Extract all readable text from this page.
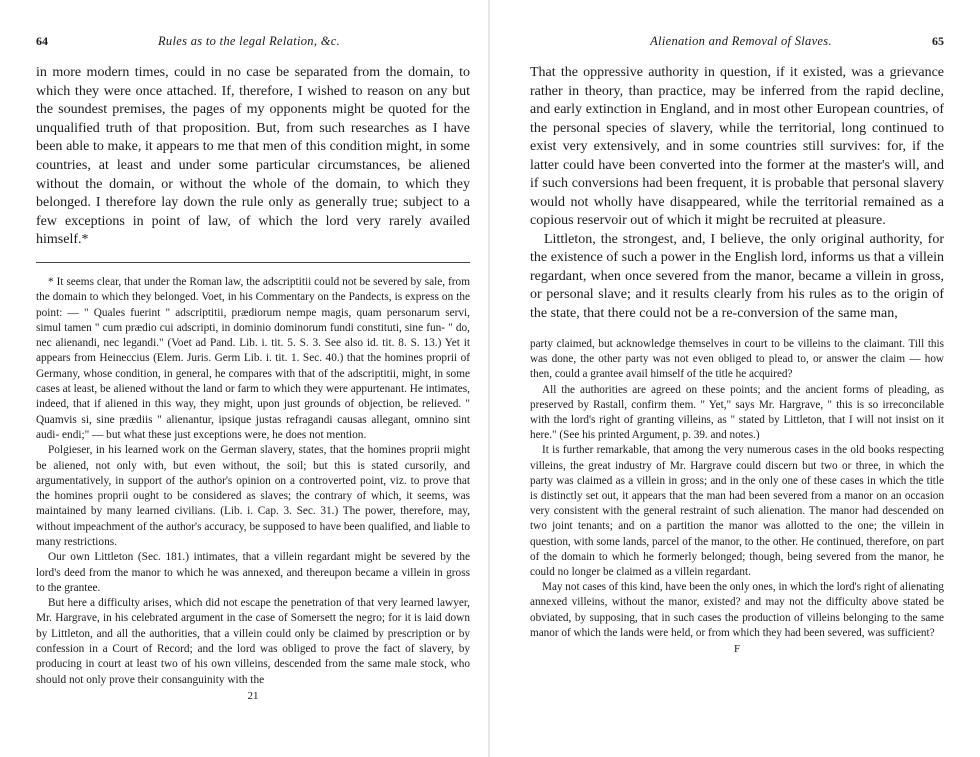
64	Rules as to the legal Relation, &c.

in more modern times, could in no case be separated from the domain, to which they were once attached. If, therefore, I wished to reason on any but the soundest premises, the pages of my opponents might be quoted for the unqualified truth of that proposition. But, from such researches as I have been able to make, it appears to me that men of this condition might, in some countries, at least and under some particular circumstances, be aliened without the domain, or without the whole of the domain, to which they belonged. I therefore lay down the rule only as generally true; subject to a few exceptions in point of law, of which the lord very rarely availed himself.*

* It seems clear, that under the Roman law, the adscriptitii could not be severed by sale, from the domain to which they belonged. Voet, in his Commentary on the Pandects, is express on the point: — " Quales fuerint " adscriptitii, prædiorum nempe magis, quam personarum servi, simul tamen " cum prædio cui adscripti, in dominio dominorum fundi constituti, sine fun- " do, nec alienandi, nec legandi." (Voet ad Pand. Lib. i. tit. 5. S. 3. See also id. tit. 8. S. 13.) Yet it appears from Heineccius (Elem. Juris. Germ Lib. i. tit. 1. Sec. 40.) that the homines proprii of Germany, whose condition, in general, he compares with that of the adscriptitii, might, in some cases at least, be aliened without the land or farm to which they were appurtenant. He intimates, indeed, that if aliened in this way, they might, upon just grounds of objection, be relieved. " Quamvis si, sine prædiis " alienantur, ipsique justas refragandi causas allegant, omnino sint audi- endi;" — but what these just exceptions were, he does not mention.

Polgieser, in his learned work on the German slavery, states, that the homines proprii might be aliened, not only with, but even without, the soil; but this is stated cursorily, and argumentatively, in support of the author's opinion on a controverted point, viz. to prove that the homines proprii ought to be considered as slaves; the contrary of which, it seems, was maintained by many learned civilians. (Lib. i. Cap. 3. Sec. 31.) The power, therefore, may, without impeachment of the author's accuracy, be supposed to have been qualified, and liable to many restrictions.

Our own Littleton (Sec. 181.) intimates, that a villein regardant might be severed by the lord's deed from the manor to which he was annexed, and thereupon became a villein in gross to the grantee.

But here a difficulty arises, which did not escape the penetration of that very learned lawyer, Mr. Hargrave, in his celebrated argument in the case of Somersett the negro; for it is laid down by Littleton, and all the authorities, that a villein could only be claimed by prescription or by confession in a Court of Record; and the lord was obliged to prove the fact of slavery, by producing in court at least two of his own villeins, descended from the same male stock, who should not only prove their consanguinity with the

21
Alienation and Removal of Slaves.	65

That the oppressive authority in question, if it existed, was a grievance rather in theory, than practice, may be inferred from the rapid decline, and early extinction in England, and in most other European countries, of the personal species of slavery, while the territorial, long continued to exist very extensively, and in some countries still survives: for, if the latter could have been converted into the former at the master's will, and if such conversions had been frequent, it is probable that personal slavery would not wholly have disappeared, while the territorial remained as a copious reservoir out of which it might be recruited at pleasure.

Littleton, the strongest, and, I believe, the only original authority, for the existence of such a power in the English lord, informs us that a villein regardant, when once severed from the manor, became a villein in gross, or personal slave; and it results clearly from his rules as to the origin of the state, that there could not be a re-conversion of the same man,

party claimed, but acknowledge themselves in court to be villeins to the claimant. Till this was done, the other party was not even obliged to plead to, or answer the claim — how then, could a grantee avail himself of the title he acquired?

All the authorities are agreed on these points; and the ancient forms of pleading, as preserved by Rastall, confirm them. " Yet," says Mr. Hargrave, " this is so irreconcilable with the lord's right of granting villeins, as " stated by Littleton, that I will not insist on it here." (See his printed Argument, p. 39. and notes.)

It is further remarkable, that among the very numerous cases in the old books respecting villeins, the great industry of Mr. Hargrave could discern but two or three, in which the party was claimed as a villein in gross; and in the only one of these cases in which the title is distinctly set out, it appears that the man had been severed from a manor on an occasion very consistent with the general restraint of such alienation. The manor had descended on two joint tenants; and on a partition the manor was allotted to the one; the villein in question, with some lands, parcel of the manor, to the other. He continued, therefore, on part of the domain to which he formerly belonged; though, being severed from the manor, he could no longer be claimed as a villein regardant.

May not cases of this kind, have been the only ones, in which the lord's right of alienating annexed villeins, without the manor, existed? and may not the difficulty above stated be obviated, by supposing, that in such cases the production of villeins belonging to the same manor of which the lands were held, or from which they had been severed, was sufficient?

F
